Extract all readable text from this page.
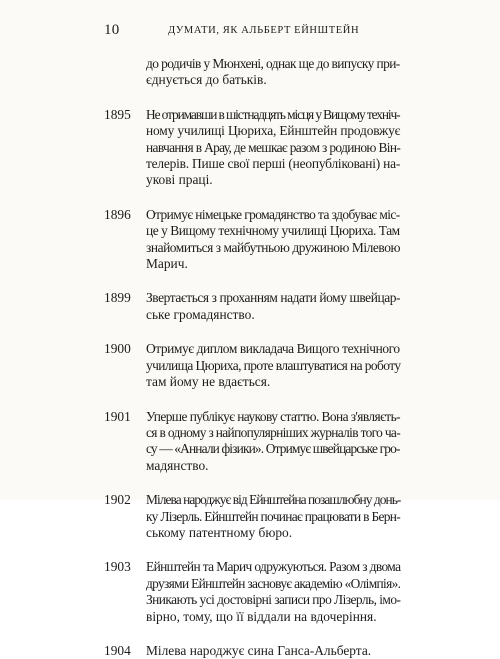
10	ДУМАТИ, ЯК АЛЬБЕРТ ЕЙНШТЕЙН
до родичів у Мюнхені, однак ще до випуску при-
єднується до батьків.
1895	Не отримавши в шістнадцять місця у Вищому техніч-
ному училищі Цюриха, Ейнштейн продовжує
навчання в Арау, де мешкає разом з родиною Він-
телерів. Пише свої перші (неопубліковані) на-
укові праці.
1896	Отримує німецьке громадянство та здобуває міс-
це у Вищому технічному училищі Цюриха. Там
знайомиться з майбутньою дружиною Мілевою
Марич.
1899	Звертається з проханням надати йому швейцар-
ське громадянство.
1900	Отримує диплом викладача Вищого технічного
училища Цюриха, проте влаштуватися на роботу
там йому не вдається.
1901	Уперше публікує наукову статтю. Вона з'являєть-
ся в одному з найпопулярніших журналів того ча-
су — «Аннали фізики». Отримує швейцарське гро-
мадянство.
1902	Мілева народжує від Ейнштейна позашлюбну донь-
ку Лізерль. Ейнштейн починає працювати в Берн-
ському патентному бюро.
1903	Ейнштейн та Марич одружуються. Разом з двома
друзями Ейнштейн засновує академію «Олімпія».
Зникають усі достовірні записи про Лізерль, імо-
вірно, тому, що її віддали на вдочеріння.
1904	Мілева народжує сина Ганса-Альберта.
